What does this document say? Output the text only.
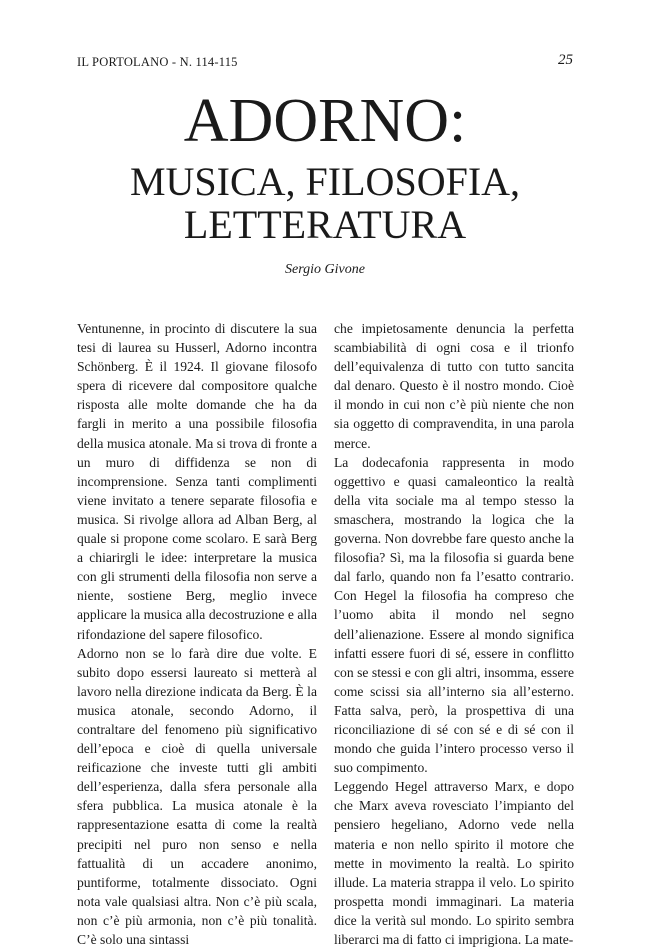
IL PORTOLANO - N. 114-115	25
ADORNO:
MUSICA, FILOSOFIA,
LETTERATURA
Sergio Givone

Ventunenne, in procinto di discutere la sua tesi di laurea su Husserl, Adorno incontra Schönberg. È il 1924. Il giovane filosofo spera di ricevere dal compositore qualche risposta alle molte domande che ha da fargli in merito a una possibile filosofia della musica atonale. Ma si trova di fronte a un muro di diffidenza se non di incomprensione. Senza tanti complimenti viene invitato a tenere separate filosofia e musica. Si rivolge allora ad Alban Berg, al quale si propone come scolaro. E sarà Berg a chiarirgli le idee: interpretare la musica con gli strumenti della filosofia non serve a niente, sostiene Berg, meglio invece applicare la musica alla decostruzione e alla rifondazione del sapere filosofico.

Adorno non se lo farà dire due volte. E subito dopo essersi laureato si metterà al lavoro nella direzione indicata da Berg. È la musica atonale, secondo Adorno, il contraltare del fenomeno più significativo dell’epoca e cioè di quella universale reificazione che investe tutti gli ambiti dell’esperienza, dalla sfera personale alla sfera pubblica. La musica atonale è la rappresentazione esatta di come la realtà precipiti nel puro non senso e nella fattualità di un accadere anonimo, puntiforme, totalmente dissociato. Ogni nota vale qualsiasi altra. Non c’è più scala, non c’è più armonia, non c’è più tonalità. C’è solo una sintassi

che impietosamente denuncia la perfetta scambiabilità di ogni cosa e il trionfo dell’equivalenza di tutto con tutto sancita dal denaro. Questo è il nostro mondo. Cioè il mondo in cui non c’è più niente che non sia oggetto di compravendita, in una parola merce.

La dodecafonia rappresenta in modo oggettivo e quasi camaleontico la realtà della vita sociale ma al tempo stesso la smaschera, mostrando la logica che la governa. Non dovrebbe fare questo anche la filosofia? Sì, ma la filosofia si guarda bene dal farlo, quando non fa l’esatto contrario. Con Hegel la filosofia ha compreso che l’uomo abita il mondo nel segno dell’alienazione. Essere al mondo significa infatti essere fuori di sé, essere in conflitto con se stessi e con gli altri, insomma, essere come scissi sia all’interno sia all’esterno. Fatta salva, però, la prospettiva di una riconciliazione di sé con sé e di sé con il mondo che guida l’intero processo verso il suo compimento.

Leggendo Hegel attraverso Marx, e dopo che Marx aveva rovesciato l’impianto del pensiero hegeliano, Adorno vede nella materia e non nello spirito il motore che mette in movimento la realtà. Lo spirito illude. La materia strappa il velo. Lo spirito prospetta mondi immaginari. La materia dice la verità sul mondo. Lo spirito sembra liberarci ma di fatto ci imprigiona. La mate-
